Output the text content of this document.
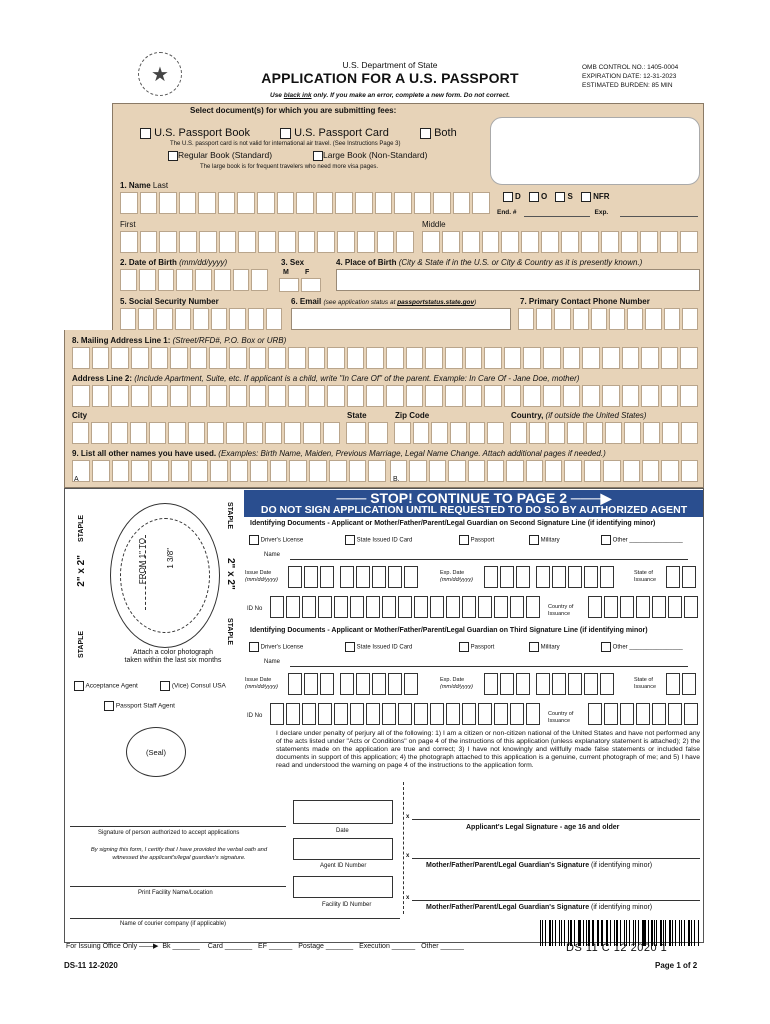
★	U.S. Department of State
APPLICATION FOR A U.S. PASSPORT
OMB CONTROL NO.: 1405-0004
EXPIRATION DATE: 12-31-2023
ESTIMATED BURDEN: 85 MIN
Use black ink only. If you make an error, complete a new form. Do not correct.
Select document(s) for which you are submitting fees:
U.S. Passport Book	U.S. Passport Card	Both
The U.S. passport card is not valid for international air travel. (See Instructions Page 3)
Regular Book (Standard)	Large Book (Non-Standard)
The large book is for frequent travelers who need more visa pages.
1. Name Last
D	O	S	NFR
End. #	Exp.
First	Middle
2. Date of Birth (mm/dd/yyyy)	3. Sex
M F
4. Place of Birth (City & State if in the U.S. or City & Country as it is presently known.)
5. Social Security Number	6. Email (see application status at passportstatus.state.gov)	7. Primary Contact Phone Number
8. Mailing Address Line 1: (Street/RFD#, P.O. Box or URB)
Address Line 2: (Include Apartment, Suite, etc. If applicant is a child, write "In Care Of" of the parent. Example: In Care Of - Jane Doe, mother)
City	State	Zip Code	Country, (if outside the United States)
9. List all other names you have used. (Examples: Birth Name, Maiden, Previous Marriage, Legal Name Change. Attach additional pages if needed.)
A	B.
─── STOP! CONTINUE TO PAGE 2 ───▶
DO NOT SIGN APPLICATION UNTIL REQUESTED TO DO SO BY AUTHORIZED AGENT
STAPLE
STAPLE
STAPLE
STAPLE
2" x 2"	2" x 2"
FROM 1" TO 1 3/8"
Attach a color photograph
taken within the last six months
Acceptance Agent	(Vice) Consul USA
Passport Staff Agent
(Seal)
Identifying Documents - Applicant or Mother/Father/Parent/Legal Guardian on Second Signature Line (if identifying minor)
Driver's License	State Issued ID Card	Passport	Military	Other ________________
Name
Issue Date
(mm/dd/yyyy)
Exp. Date
(mm/dd/yyyy)
State of
Issuance
ID No	Country of
Issuance
Identifying Documents - Applicant or Mother/Father/Parent/Legal Guardian on Third Signature Line (if identifying minor)
Driver's License	State Issued ID Card	Passport	Military	Other ________________
Name
Issue Date
(mm/dd/yyyy)
Exp. Date
(mm/dd/yyyy)
State of
Issuance
ID No	Country of
Issuance
I declare under penalty of perjury all of the following: 1) I am a citizen or non-citizen national of the United States and have not performed any of the acts listed under "Acts or Conditions" on page 4 of the instructions of this application (unless explanatory statement is attached); 2) the statements made on the application are true and correct; 3) I have not knowingly and willfully made false statements or included false documents in support of this application; 4) the photograph attached to this application is a genuine, current photograph of me; and 5) I have read and understood the warning on page 4 of the instructions to the application form.
x
Applicant's Legal Signature - age 16 and older
x
Mother/Father/Parent/Legal Guardian's Signature (if identifying minor)
x
Mother/Father/Parent/Legal Guardian's Signature (if identifying minor)
Signature of person authorized to accept applications	Date
By signing this form, I certify that I have provided the verbal oath and witnessed the applicant's/legal guardian's signature.
Agent ID Number
Print Facility Name/Location
Facility ID Number
Name of courier company (if applicable)
For Issuing Office Only ——▶ Bk _______ Card _______ EF ______ Postage _______ Execution ______ Other ______	DS 11 C 12 2020 1
DS-11 12-2020	Page 1 of 2
